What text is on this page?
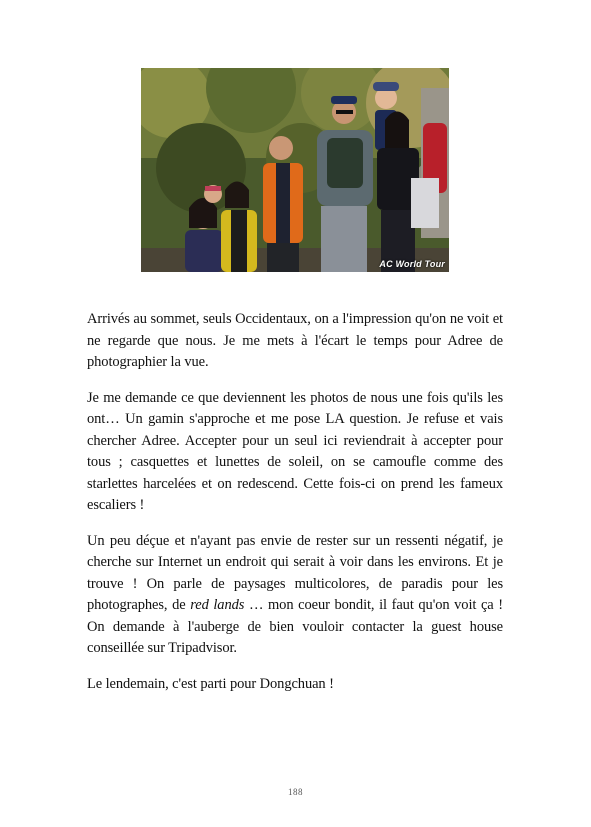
AC World Tour

Arrivés au sommet, seuls Occidentaux, on a l'impression qu'on ne voit et ne regarde que nous. Je me mets à l'écart le temps pour Adree de photographier la vue.

Je me demande ce que deviennent les photos de nous une fois qu'ils les ont… Un gamin s'approche et me pose LA question. Je refuse et vais chercher Adree. Accepter pour un seul ici reviendrait à accepter pour tous ; casquettes et lunettes de soleil, on se camoufle comme des starlettes harcelées et on redescend. Cette fois-ci on prend les fameux escaliers !

Un peu déçue et n'ayant pas envie de rester sur un ressenti négatif, je cherche sur Internet un endroit qui serait à voir dans les environs. Et je trouve ! On parle de paysages multicolores, de paradis pour les photographes, de red lands … mon coeur bondit, il faut qu'on voit ça ! On demande à l'auberge de bien vouloir contacter la guest house conseillée sur Tripadvisor.

Le lendemain, c'est parti pour Dongchuan !

188
